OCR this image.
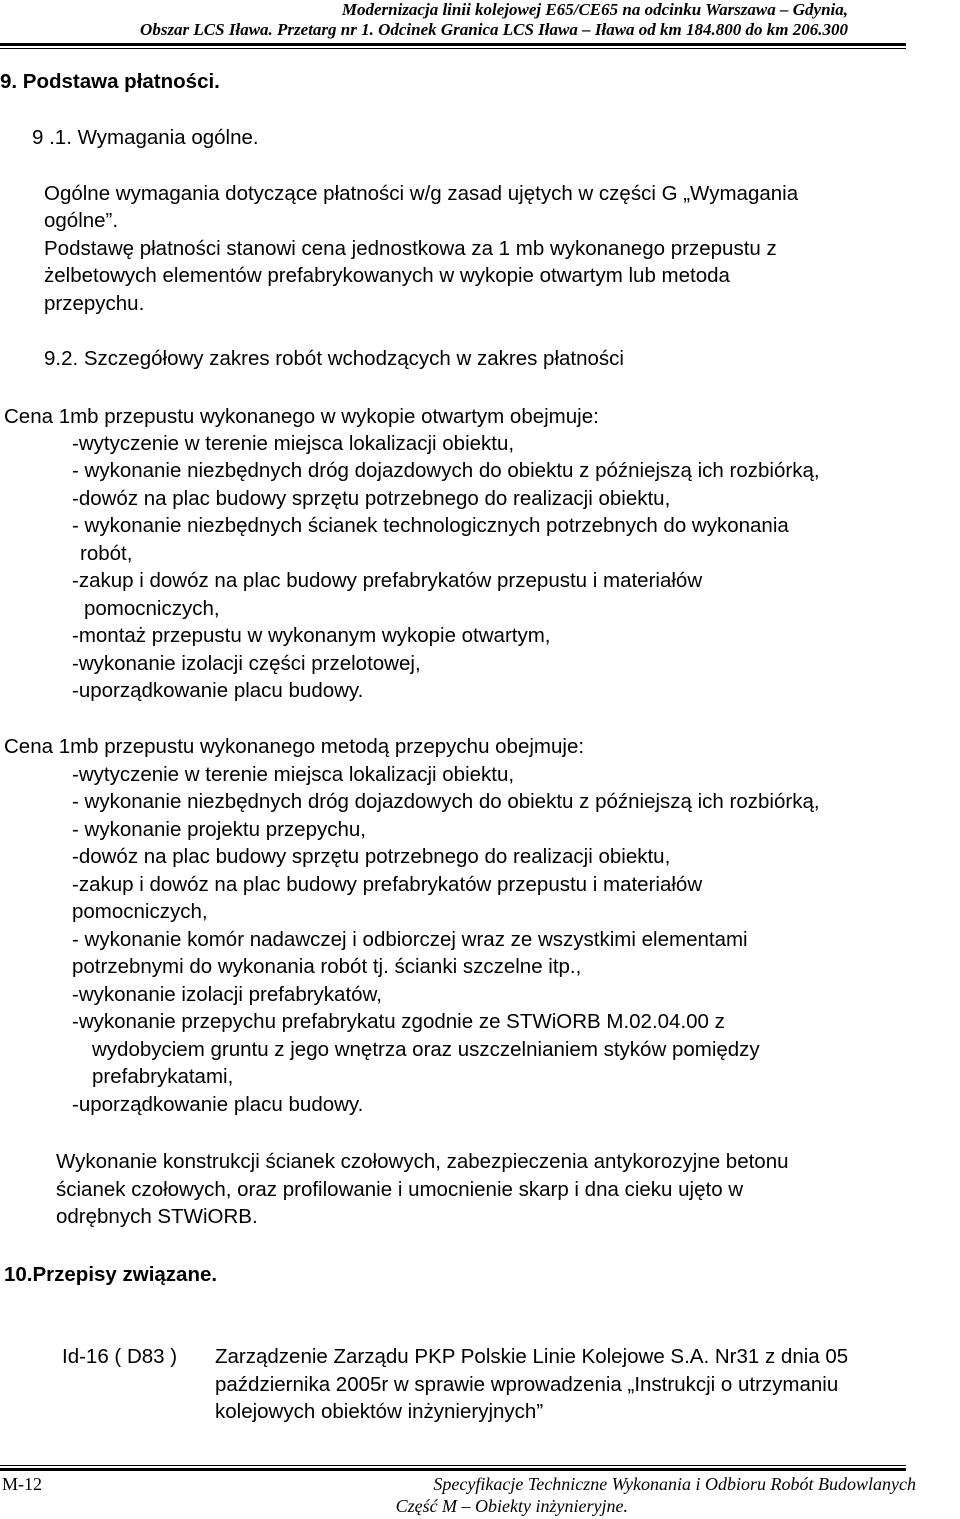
Modernizacja linii kolejowej E65/CE65 na odcinku Warszawa – Gdynia,
Obszar LCS Iława. Przetarg nr 1. Odcinek Granica LCS Iława – Iława od km 184.800 do km 206.300
9. Podstawa płatności.
9 .1. Wymagania ogólne.
Ogólne wymagania dotyczące płatności w/g zasad ujętych w części G „Wymagania
ogólne”.
Podstawę płatności stanowi cena jednostkowa za 1 mb wykonanego przepustu z
żelbetowych elementów prefabrykowanych w wykopie otwartym lub metoda
przepychu.
9.2. Szczegółowy zakres robót wchodzących w zakres płatności
Cena 1mb przepustu wykonanego w wykopie otwartym obejmuje:
-wytyczenie w terenie miejsca lokalizacji obiektu,
- wykonanie niezbędnych dróg dojazdowych do obiektu z późniejszą ich rozbiórką,
-dowóz na plac budowy sprzętu potrzebnego do realizacji obiektu,
- wykonanie niezbędnych ścianek technologicznych potrzebnych do wykonania
robót,
-zakup i dowóz na plac budowy prefabrykatów przepustu i materiałów
pomocniczych,
-montaż przepustu w wykonanym wykopie otwartym,
-wykonanie izolacji części przelotowej,
-uporządkowanie placu budowy.
Cena 1mb przepustu wykonanego metodą przepychu obejmuje:
-wytyczenie w terenie miejsca lokalizacji obiektu,
- wykonanie niezbędnych dróg dojazdowych do obiektu z późniejszą ich rozbiórką,
- wykonanie projektu przepychu,
-dowóz na plac budowy sprzętu potrzebnego do realizacji obiektu,
-zakup i dowóz na plac budowy prefabrykatów przepustu i materiałów
pomocniczych,
- wykonanie komór nadawczej i odbiorczej wraz ze wszystkimi elementami
potrzebnymi do wykonania robót tj. ścianki szczelne itp.,
-wykonanie izolacji prefabrykatów,
-wykonanie przepychu prefabrykatu zgodnie ze STWiORB M.02.04.00 z
wydobyciem gruntu z jego wnętrza oraz uszczelnianiem styków pomiędzy
prefabrykatami,
-uporządkowanie placu budowy.
Wykonanie konstrukcji ścianek czołowych, zabezpieczenia antykorozyjne betonu
ścianek czołowych, oraz profilowanie i umocnienie skarp i dna cieku ujęto w
odrębnych STWiORB.
10.Przepisy związane.
Id-16 ( D83 ) Zarządzenie Zarządu PKP Polskie Linie Kolejowe S.A. Nr31 z dnia 05
października 2005r w sprawie wprowadzenia „Instrukcji o utrzymaniu
kolejowych obiektów inżynieryjnych”
M-12	Specyfikacje Techniczne Wykonania i Odbioru Robót Budowlanych
Część M – Obiekty inżynieryjne.
